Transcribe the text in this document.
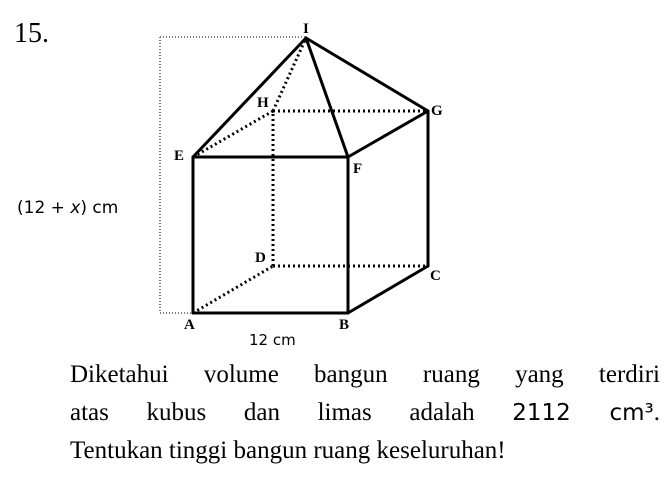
15.	I
H	G
E
F
D
C
A	B
(12 + x) cm
12 cm
Diketahui volume bangun ruang yang terdiri
atas kubus dan limas adalah 2112 cm³.
Tentukan tinggi bangun ruang keseluruhan!
